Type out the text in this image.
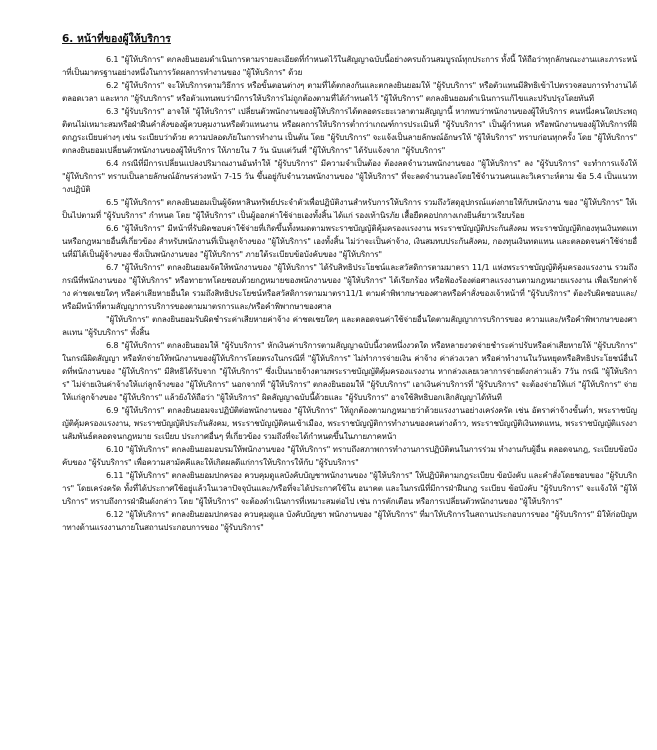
6. หน้าที่ของผู้ให้บริการ

6.1 "ผู้ให้บริการ" ตกลงยินยอมดำเนินการตามรายละเอียดที่กำหนดไว้ในสัญญาฉบับนี้อย่างครบถ้วนสมบูรณ์ทุกประการ ทั้งนี้ ให้ถือว่าทุกลักษณะงานและภาระหน้าที่เป็นมาตรฐานอย่างหนึ่งในการวัดผลการทำงานของ "ผู้ให้บริการ" ด้วย

6.2 "ผู้ให้บริการ" จะให้บริการตามวิธีการ หรือขั้นตอนต่างๆ ตามที่ได้ตกลงกันและตกลงยินยอมให้ "ผู้รับบริการ" หรือตัวแทนมีสิทธิเข้าไปตรวจสอบการทำงานได้ตลอดเวลา และหาก "ผู้รับบริการ" หรือตัวแทนพบว่ามีการให้บริการไม่ถูกต้องตามที่ได้กำหนดไว้ "ผู้ให้บริการ" ตกลงยินยอมดำเนินการแก้ไขและปรับปรุงโดยทันที

6.3 "ผู้รับบริการ" อาจให้ "ผู้ให้บริการ" เปลี่ยนตัวพนักงานของผู้ให้บริการได้ตลอดระยะเวลาตามสัญญานี้ หากพบว่าพนักงานของผู้ให้บริการ คนหนึ่งคนใดประพฤติตนไม่เหมาะสมหรือฝ่าฝืนคำสั่งของผู้ควบคุมงานหรือตัวแทนงาน หรือผลการให้บริการต่ำกว่าเกณฑ์การประเมินที่ "ผู้รับบริการ" เป็นผู้กำหนด หรือพนักงานของผู้ให้บริการที่ผิดกฎระเบียบต่างๆ เช่น ระเบียบว่าด้วย ความปลอดภัยในการทำงาน เป็นต้น โดย "ผู้รับบริการ" จะแจ้งเป็นลายลักษณ์อักษรให้ "ผู้ให้บริการ" ทราบก่อนทุกครั้ง โดย "ผู้ให้บริการ" ตกลงยินยอมเปลี่ยนตัวพนักงานของผู้ให้บริการ ให้ภายใน 7 วัน นับแต่วันที่ "ผู้ให้บริการ" ได้รับแจ้งจาก "ผู้รับบริการ"

6.4 กรณีที่มีการเปลี่ยนแปลงปริมาณงานอันทำให้ "ผู้รับบริการ" มีความจำเป็นต้อง ต้องลดจำนวนพนักงานของ "ผู้ให้บริการ" ลง "ผู้รับบริการ" จะทำการแจ้งให้ "ผู้ให้บริการ" ทราบเป็นลายลักษณ์อักษรล่วงหน้า 7-15 วัน ขึ้นอยู่กับจำนวนพนักงานของ "ผู้ให้บริการ" ที่จะลดจำนวนลงโดยใช้จำนวนคนและวิเคราะห์ตาม ข้อ 5.4 เป็นแนวทางปฏิบัติ

6.5 "ผู้ให้บริการ" ตกลงยินยอมเป็นผู้จัดหาสินทรัพย์ประจำตัวเพื่อปฏิบัติงานสำหรับการให้บริการ รวมถึงวัสดุอุปกรณ์แต่งกายให้กับพนักงาน ของ "ผู้ให้บริการ" ให้เป็นไปตามที่ "ผู้รับบริการ" กำหนด โดย "ผู้ให้บริการ" เป็นผู้ออกค่าใช้จ่ายเองทั้งสิ้น ได้แก่ รองเท้านิรภัย เสื้อยืดคอปกกางเกงยีนส์ยาวเรียบร้อย

6.6 "ผู้ให้บริการ" มีหน้าที่รับผิดชอบค่าใช้จ่ายที่เกิดขึ้นทั้งหมดตามพระราชบัญญัติคุ้มครองแรงงาน พระราชบัญญัติประกันสังคม พระราชบัญญัติกองทุนเงินทดแทนหรือกฎหมายอื่นที่เกี่ยวข้อง สำหรับพนักงานที่เป็นลูกจ้างของ "ผู้ให้บริการ" เองทั้งสิ้น ไม่ว่าจะเป็นค่าจ้าง, เงินสมทบประกันสังคม, กองทุนเงินทดแทน และตลอดจนค่าใช้จ่ายอื่นที่มิได้เป็นผู้จ้างของ ซึ่งเป็นพนักงานของ "ผู้ให้บริการ" ภายใต้ระเบียบข้อบังคับของ "ผู้ให้บริการ"

6.7 "ผู้ให้บริการ" ตกลงยินยอมจัดให้พนักงานของ "ผู้ให้บริการ" ได้รับสิทธิประโยชน์และสวัสดิการตามมาตรา 11/1 แห่งพระราชบัญญัติคุ้มครองแรงงาน รวมถึงกรณีที่พนักงานของ "ผู้ให้บริการ" หรือทายาทโดยชอบด้วยกฎหมายของพนักงานของ "ผู้ให้บริการ" ได้เรียกร้อง หรือฟ้องร้องต่อศาลแรงงานตามกฎหมายแรงงาน เพื่อเรียกค่าจ้าง ค่าชดเชยใดๆ หรือค่าเสียหายอื่นใด รวมถึงสิทธิประโยชน์หรือสวัสดิการตามมาตรา11/1 ตามคำพิพากษาของศาลหรือคำสั่งของเจ้าหน้าที่ "ผู้รับบริการ" ต้องรับผิดชอบและ/หรือมีหน้าที่ตามสัญญาการบริการของตามมาตรการและ/หรือคำพิพากษาของศาล

"ผู้ให้บริการ" ตกลงยินยอมรับผิดชำระค่าเสียหายค่าจ้าง ค่าชดเชยใดๆ และตลอดจนค่าใช้จ่ายอื่นใดตามสัญญาการบริการของ ความและ/หรือคำพิพากษาของศาลแทน "ผู้รับบริการ" ทั้งสิ้น

6.8 "ผู้ให้บริการ" ตกลงยินยอมให้ "ผู้รับบริการ" หักเงินค่าบริการตามสัญญาฉบับนี้งวดหนึ่งงวดใด หรือหลายงวดจ่ายชำระค่าปรับหรือค่าเสียหายให้ "ผู้รับบริการ" ในกรณีผิดสัญญา หรือหักจ่ายให้พนักงานของผู้ให้บริการโดยตรงในกรณีที่ "ผู้ให้บริการ" ไม่ทำการจ่ายเงิน ค่าจ้าง ค่าล่วงเวลา หรือค่าทำงานในวันหยุดหรือสิทธิประโยชน์อื่นใดที่พนักงานของ "ผู้ให้บริการ" มีสิทธิได้รับจาก "ผู้ให้บริการ" ซึ่งเป็นนายจ้างตามพระราชบัญญัติคุ้มครองแรงงาน หากล่วงเลยเวลาการจ่ายดังกล่าวแล้ว 7วัน กรณี "ผู้ให้บริการ" ไม่จ่ายเงินค่าจ้างให้แก่ลูกจ้างของ "ผู้ให้บริการ" นอกจากที่ "ผู้ให้บริการ" ตกลงยินยอมให้ "ผู้รับบริการ" เอาเงินค่าบริการที่ "ผู้รับบริการ" จะต้องจ่ายให้แก่ "ผู้ให้บริการ" จ่ายให้แก่ลูกจ้างของ "ผู้ให้บริการ" แล้วยังให้ถือว่า "ผู้ให้บริการ" ผิดสัญญาฉบับนี้ด้วยและ "ผู้รับบริการ" อาจใช้สิทธิบอกเลิกสัญญาได้ทันที

6.9 "ผู้ให้บริการ" ตกลงยินยอมจะปฏิบัติต่อพนักงานของ "ผู้ให้บริการ" ให้ถูกต้องตามกฎหมายว่าด้วยแรงงานอย่างเคร่งครัด เช่น อัตราค่าจ้างขั้นต่ำ, พระราชบัญญัติคุ้มครองแรงงาน, พระราชบัญญัติประกันสังคม, พระราชบัญญัติคนเข้าเมือง, พระราชบัญญัติการทำงานของคนต่างด้าว, พระราชบัญญัติเงินทดแทน, พระราชบัญญัติแรงงานสัมพันธ์ตลอดจนกฎหมาย ระเบียบ ประกาศอื่นๆ ที่เกี่ยวข้อง รวมถึงที่จะได้กำหนดขึ้นในภายภาคหน้า

6.10 "ผู้ให้บริการ" ตกลงยินยอมอบรมให้พนักงานของ "ผู้ให้บริการ" ทราบถึงสภาพการทำงานการปฏิบัติตนในการร่วม ทำงานกับผู้อื่น ตลอดจนกฎ, ระเบียบข้อบังคับของ "ผู้รับบริการ" เพื่อความสามัคคีและให้เกิดผลดีแก่การให้บริการให้กับ "ผู้รับบริการ"

6.11 "ผู้ให้บริการ" ตกลงยินยอมปกครอง ควบคุมดูแลบังคับบัญชาพนักงานของ "ผู้ให้บริการ" ให้ปฏิบัติตามกฎระเบียบ ข้อบังคับ และคำสั่งโดยชอบของ "ผู้รับบริการ" โดยเคร่งครัด ทั้งที่ได้ประกาศใช้อยู่แล้วในเวลาปัจจุบันและ/หรือที่จะได้ประกาศใช้ใน อนาคต และในกรณีที่มีการฝ่าฝืนกฎ ระเบียบ ข้อบังคับ "ผู้รับบริการ" จะแจ้งให้ "ผู้ให้บริการ" ทราบถึงการฝ่าฝืนดังกล่าว โดย "ผู้ให้บริการ" จะต้องดำเนินการที่เหมาะสมต่อไป เช่น การตักเตือน หรือการเปลี่ยนตัวพนักงานของ "ผู้ให้บริการ"

6.12 "ผู้ให้บริการ" ตกลงยินยอมปกครอง ควบคุมดูแล บังคับบัญชา พนักงานของ "ผู้ให้บริการ" ที่มาให้บริการในสถานประกอบการของ "ผู้รับบริการ" มิให้ก่อปัญหาทางด้านแรงงานภายในสถานประกอบการของ "ผู้รับบริการ"
